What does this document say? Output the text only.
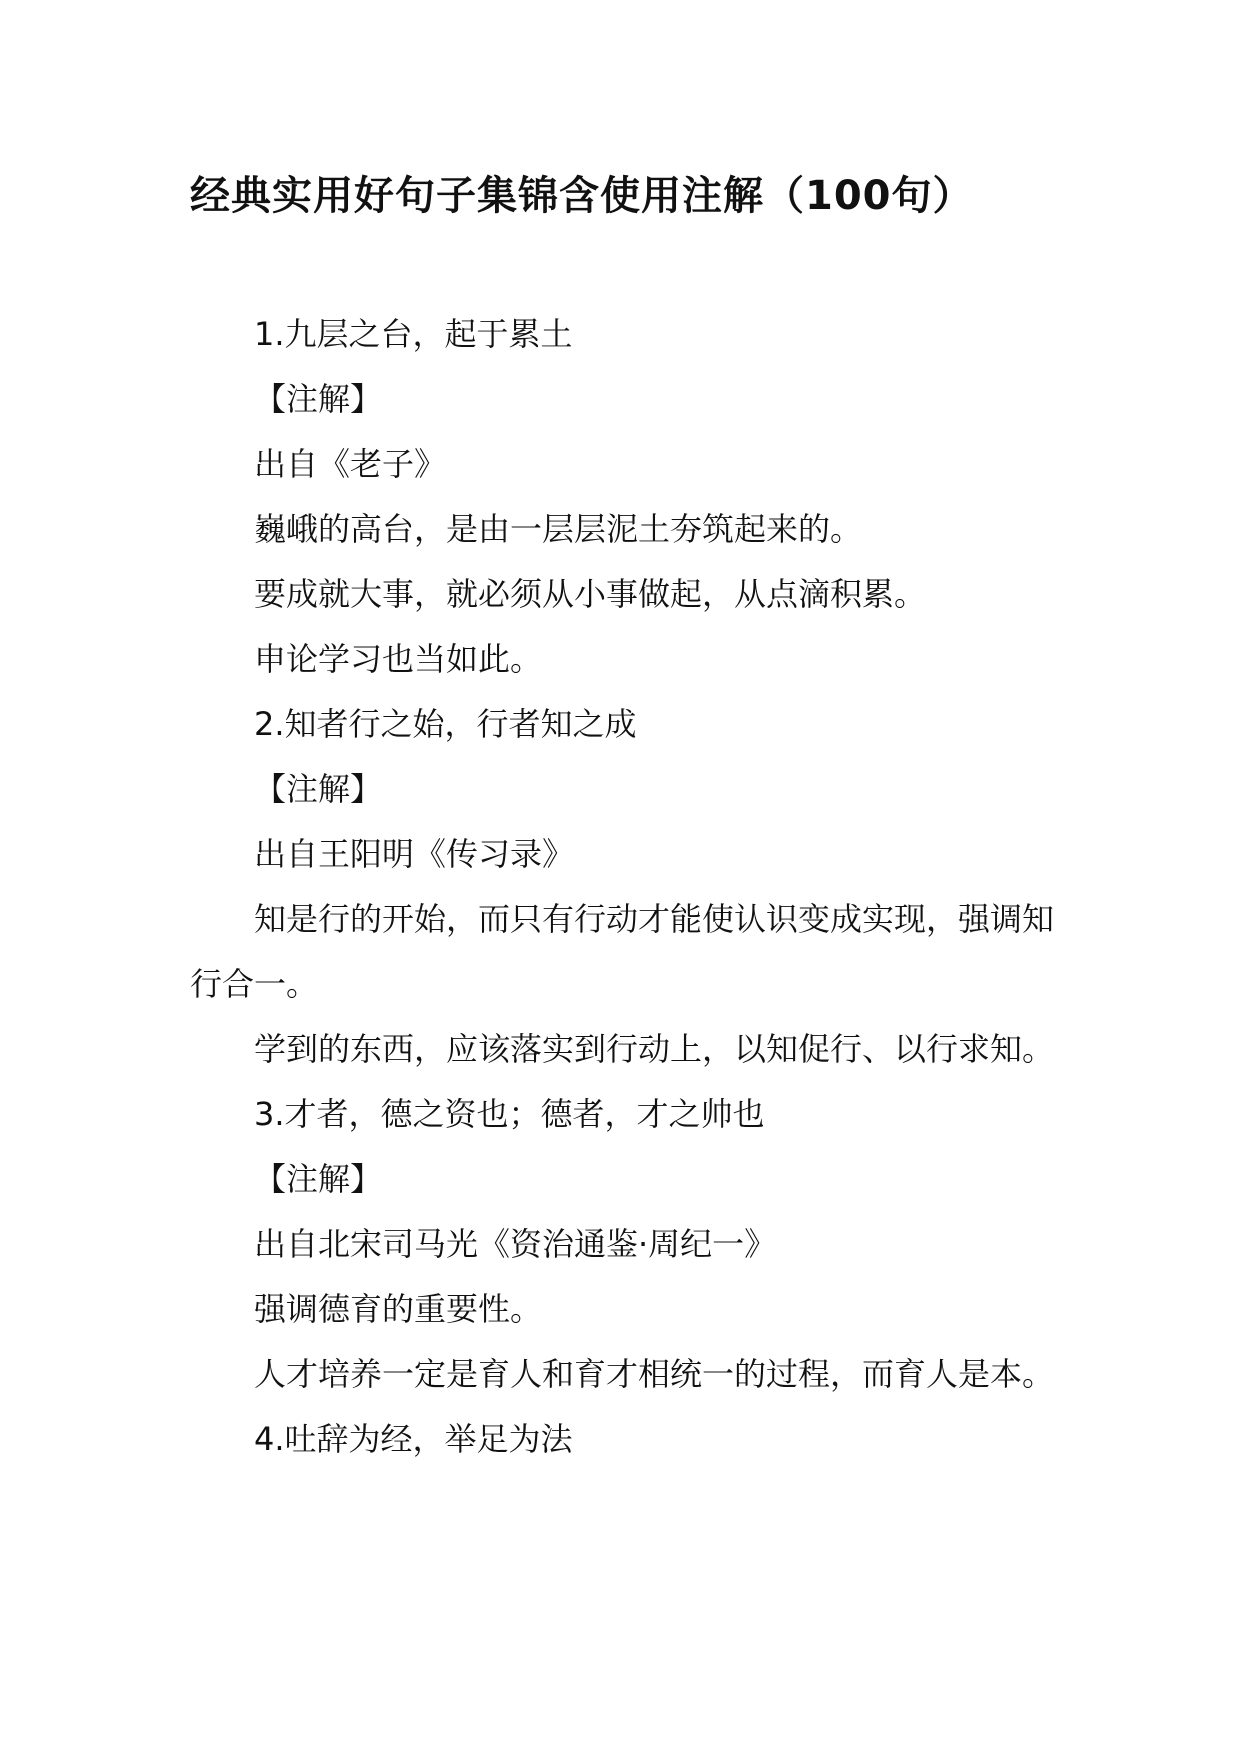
经典实用好句子集锦含使用注解（100句）

1.九层之台，起于累土

【注解】

出自《老子》

巍峨的高台，是由一层层泥土夯筑起来的。

要成就大事，就必须从小事做起，从点滴积累。

申论学习也当如此。

2.知者行之始，行者知之成

【注解】

出自王阳明《传习录》

知是行的开始，而只有行动才能使认识变成实现，强调知行合一。

学到的东西，应该落实到行动上，以知促行、以行求知。

3.才者，德之资也；德者，才之帅也

【注解】

出自北宋司马光《资治通鉴·周纪一》

强调德育的重要性。

人才培养一定是育人和育才相统一的过程，而育人是本。

4.吐辞为经，举足为法
